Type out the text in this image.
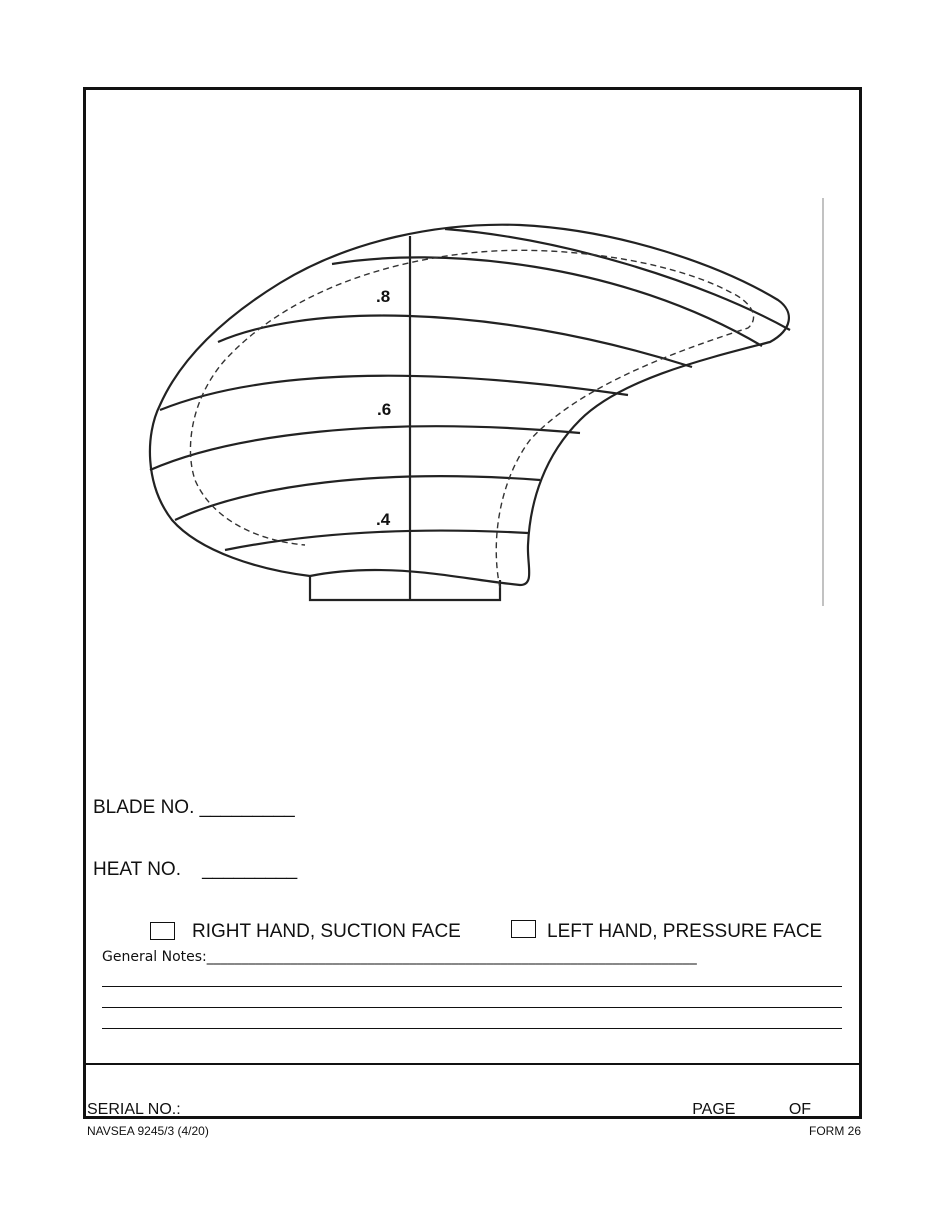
.8
.6
.4
BLADE NO. _________
HEAT NO.    _________
RIGHT HAND, SUCTION FACE	LEFT HAND, PRESSURE FACE
General Notes:______________________________________________________________________
SERIAL NO.:_______________________	PAGE _____ OF _____
NAVSEA 9245/3 (4/20)	FORM 26
